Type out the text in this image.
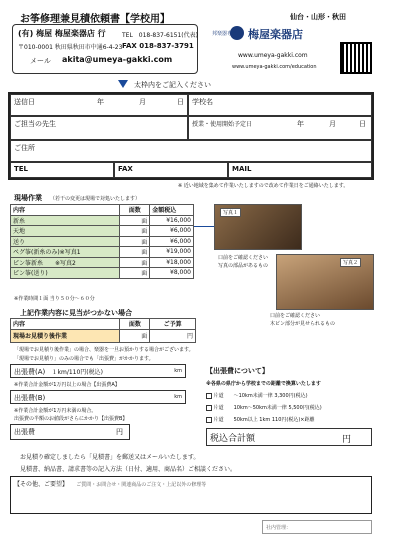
お筝修理兼見積依頼書【学校用】	仙台・山形・秋田
(有) 梅屋 梅屋楽器店 行	TEL　018-837-6151(代表)
〒010-0001 秋田県秋田市中通6-4-23 FAX 018-837-3791
メール akita@umeya-gakki.com
邦楽器専門 梅屋楽器店
www.umeya-gakki.com
www.umeya-gakki.com/education
太枠内をご記入ください
送信日	年	月	日	学校名
ご担当の先生	授業・使用開始予定日	年	月	日
ご住所
TEL	FAX	MAIL
※ 近い地域を集めて作業いたしますので改めて作業日をご通絡いたします。
現場作業 （若干の変更は現場で対処いたします）
内容	面数	金額税込
新糸	面	¥16,000
天地	面	¥6,000
送り	面	¥6,000
ペグ筝(新糸のみ)※写真1	面	¥19,000
ピン筝新糸　　※写真2	面	¥18,000
ピン筝(送り)	面	¥8,000
※作業時間１面 当り５０分～６０分
写真１
口前をご確認ください
写真の部品があるもの	写真２
口前をご確認ください
木ピン部分が見せられるもの
上記作業内容に見当がつかない場合
内容	面数	ご予算
現場お見積り後作業	面	円
「現場でお見積り後作業」の場合、楽器を一旦お預かりする場合がございます。
「現場でお見積り」のみの場合でも「出張費」がかかります。
出張費(A) １km/110円(税込)	km
※作業合計金額が1万円以上の場合【出張費A】
出張費(B)	km
※作業合計金額が1万円未満の場合。
出張費の半額のお値段がさらにかかり【出張費B】
出張費	円
税込合計額	円
【出張費について】
※各県の県庁から学校までの距離で換算いたします
片道　　～10km未満一律 3,300円(税込)
片道　　10km～50km未満一律 5,500円(税込)
片道　　50km以上 1km 110円(税込)×距離
お見積り確定しましたら「見積書」を郵送又はメールいたします。
見積書、納品書、請求書等の記入方法（日付、適用、商品名）ご相談ください。
【その他、ご要望】 ご質問・お問合せ・関連商品のご注文・上記以外の修理等
社内管理：
